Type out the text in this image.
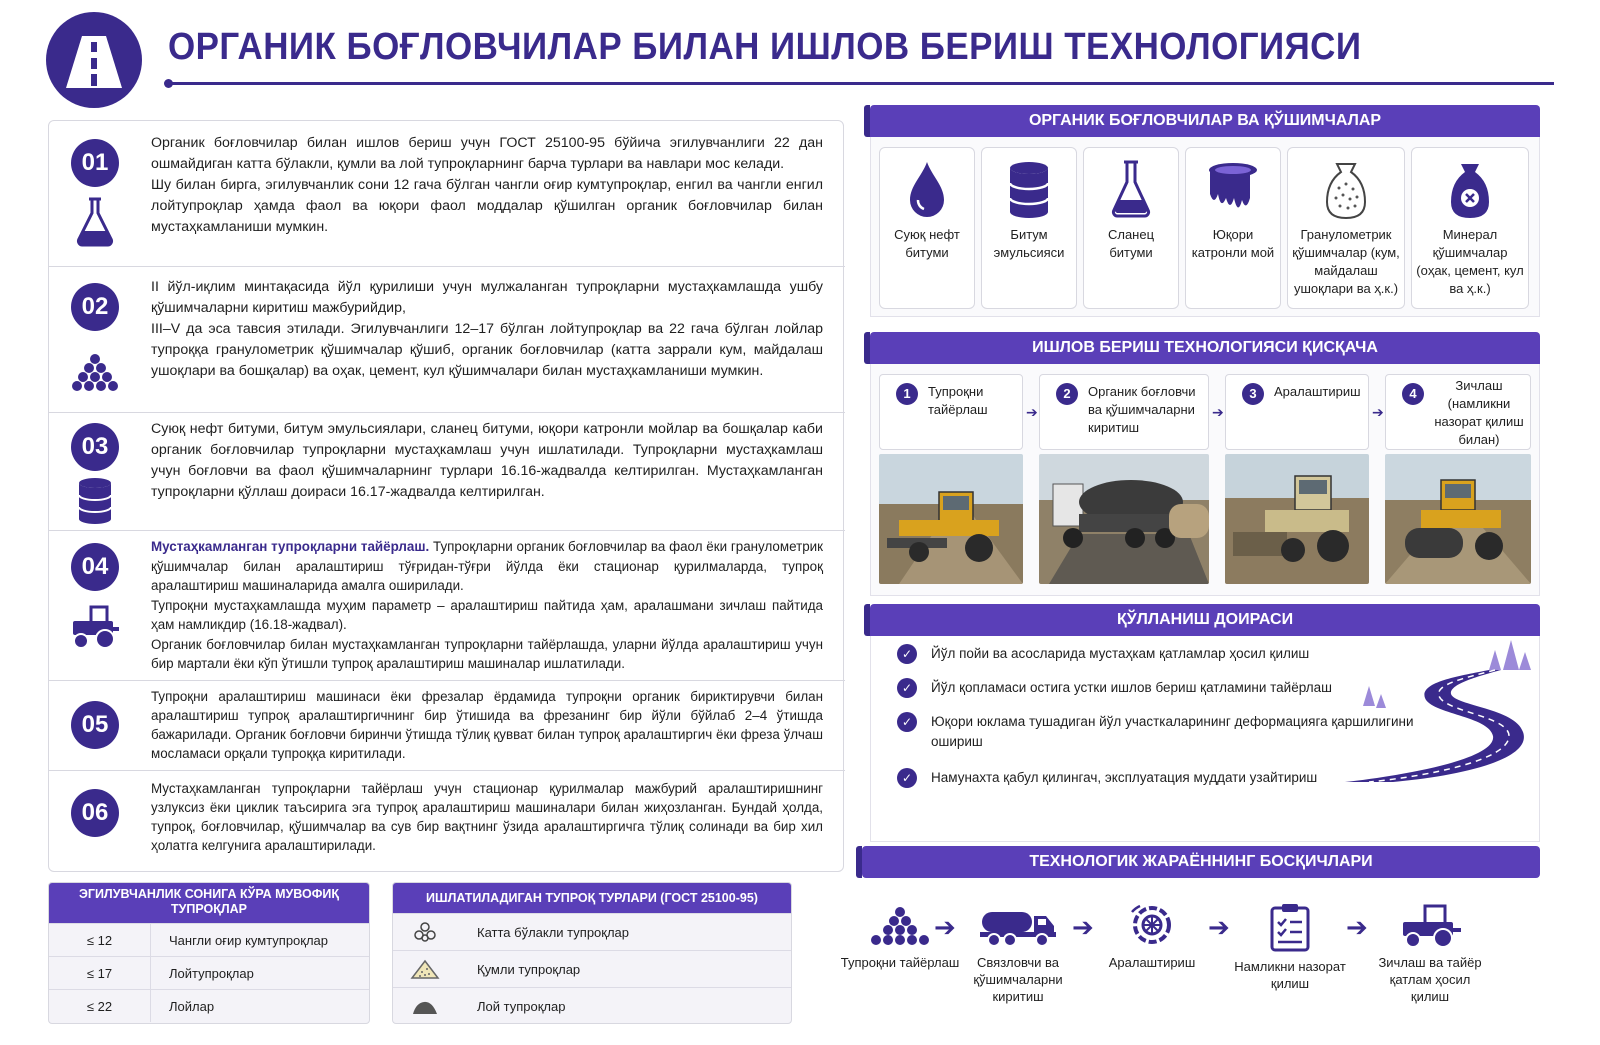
ОРГАНИК БОҒЛОВЧИЛАР БИЛАН ИШЛОВ БЕРИШ ТЕХНОЛОГИЯСИ
01

Органик боғловчилар билан ишлов бериш учун ГОСТ 25100-95 бўйича эгилувчанлиги 22 дан ошмайдиган катта бўлакли, қумли ва лой тупроқларнинг барча турлари ва навлари мос келади.

Шу билан бирга, эгилувчанлик сони 12 гача бўлган чангли оғир кумтупроқлар, енгил ва чангли енгил лойтупроқлар ҳамда фаол ва юқори фаол моддалар қўшилган органик боғловчилар билан мустаҳкамланиши мумкин.

02

II йўл-иқлим минтақасида йўл қурилиши учун мулжаланган тупроқларни мустаҳкамлашда ушбу қўшимчаларни киритиш мажбурийдир,

III–V да эса тавсия этилади. Эгилувчанлиги 12–17 бўлган лойтупроқлар ва 22 гача бўлган лойлар тупроққа гранулометрик қўшимчалар қўшиб, органик боғловчилар (катта заррали кум, майдалаш ушоқлари ва бошқалар) ва оҳак, цемент, кул қўшимчалари билан мустаҳкамланиши мумкин.

03

Суюқ нефт битуми, битум эмульсиялари, сланец битуми, юқори катронли мойлар ва бошқалар каби органик боғловчилар тупроқларни мустаҳкамлаш учун ишлатилади. Тупроқларни мустаҳкамлаш учун боғловчи ва фаол қўшимчаларнинг турлари 16.16-жадвалда келтирилган. Мустаҳкамланган тупроқларни қўллаш доираси 16.17-жадвалда келтирилган.

04

Мустаҳкамланган тупроқларни тайёрлаш. Тупроқларни органик боғловчилар ва фаол ёки гранулометрик қўшимчалар билан аралаштириш тўғридан-тўғри йўлда ёки стационар қурилмаларда, тупроқ аралаштириш машиналарида амалга оширилади.

Тупроқни мустаҳкамлашда муҳим параметр – аралаштириш пайтида ҳам, аралашмани зичлаш пайтида ҳам намликдир (16.18-жадвал).

Органик боғловчилар билан мустаҳкамланган тупроқларни тайёрлашда, уларни йўлда аралаштириш учун бир мартали ёки кўп ўтишли тупроқ аралаштириш машиналар ишлатилади.

05

Тупроқни аралаштириш машинаси ёки фрезалар ёрдамида тупроқни органик бириктирувчи билан аралаштириш тупроқ аралаштиргичнинг бир ўтишида ва фрезанинг бир йўли бўйлаб 2–4 ўтишда бажарилади. Органик боғловчи биринчи ўтишда тўлиқ қувват билан тупроқ аралаштиргич ёки фреза ўлчаш мосламаси орқали тупроққа киритилади.

06

Мустаҳкамланган тупроқларни тайёрлаш учун стационар қурилмалар мажбурий аралаштиришнинг узлуксиз ёки циклик таъсирига эга тупроқ аралаштириш машиналари билан жиҳозланган. Бундай ҳолда, тупроқ, боғловчилар, қўшимчалар ва сув бир вақтнинг ўзида аралаштиргичга тўлиқ солинади ва бир хил ҳолатга келгунига аралаштирилади.

ЭГИЛУВЧАНЛИК СОНИГА КЎРА МУВОФИҚ ТУПРОҚЛАР
≤ 12	Чангли оғир кумтупроқлар
≤ 17	Лойтупроқлар
≤ 22	Лойлар
ИШЛАТИЛАДИГАН ТУПРОҚ ТУРЛАРИ (ГОСТ 25100-95)
Катта бўлакли тупроқлар
Қумли тупроқлар
Лой тупроқлар
ОРГАНИК БОҒЛОВЧИЛАР ВА ҚЎШИМЧАЛАР
Суюқ нефт битуми
Битум эмульсияси
Сланец битуми
Юқори катронли мой
Гранулометрик қўшимчалар (кум, майдалаш ушоқлари ва ҳ.к.)
Минерал қўшимчалар (оҳак, цемент, кул ва ҳ.к.)
ИШЛОВ БЕРИШ ТЕХНОЛОГИЯСИ ҚИСҚАЧА
1	Тупроқни тайёрлаш	➔
2	Органик боғловчи ва қўшимчаларни киритиш
➔
3	Аралаштириш
➔
4
Зичлаш (намликни назорат қилиш билан)
ҚЎЛЛАНИШ ДОИРАСИ
✓	Йўл пойи ва асосларида мустаҳкам қатламлар ҳосил қилиш
✓	Йўл қопламаси остига устки ишлов бериш қатламини тайёрлаш
✓	Юқори юклама тушадиган йўл участкаларининг деформацияга қаршилигини ошириш
✓	Намунахта қабул қилингач, эксплуатация муддати узайтириш
ТЕХНОЛОГИК ЖАРАЁННИНГ БОСҚИЧЛАРИ
Тупроқни тайёрлаш
➔
Связловчи ва қўшимчаларни киритиш
➔
Аралаштириш
➔
Намликни назорат қилиш
➔
Зичлаш ва тайёр қатлам ҳосил қилиш
